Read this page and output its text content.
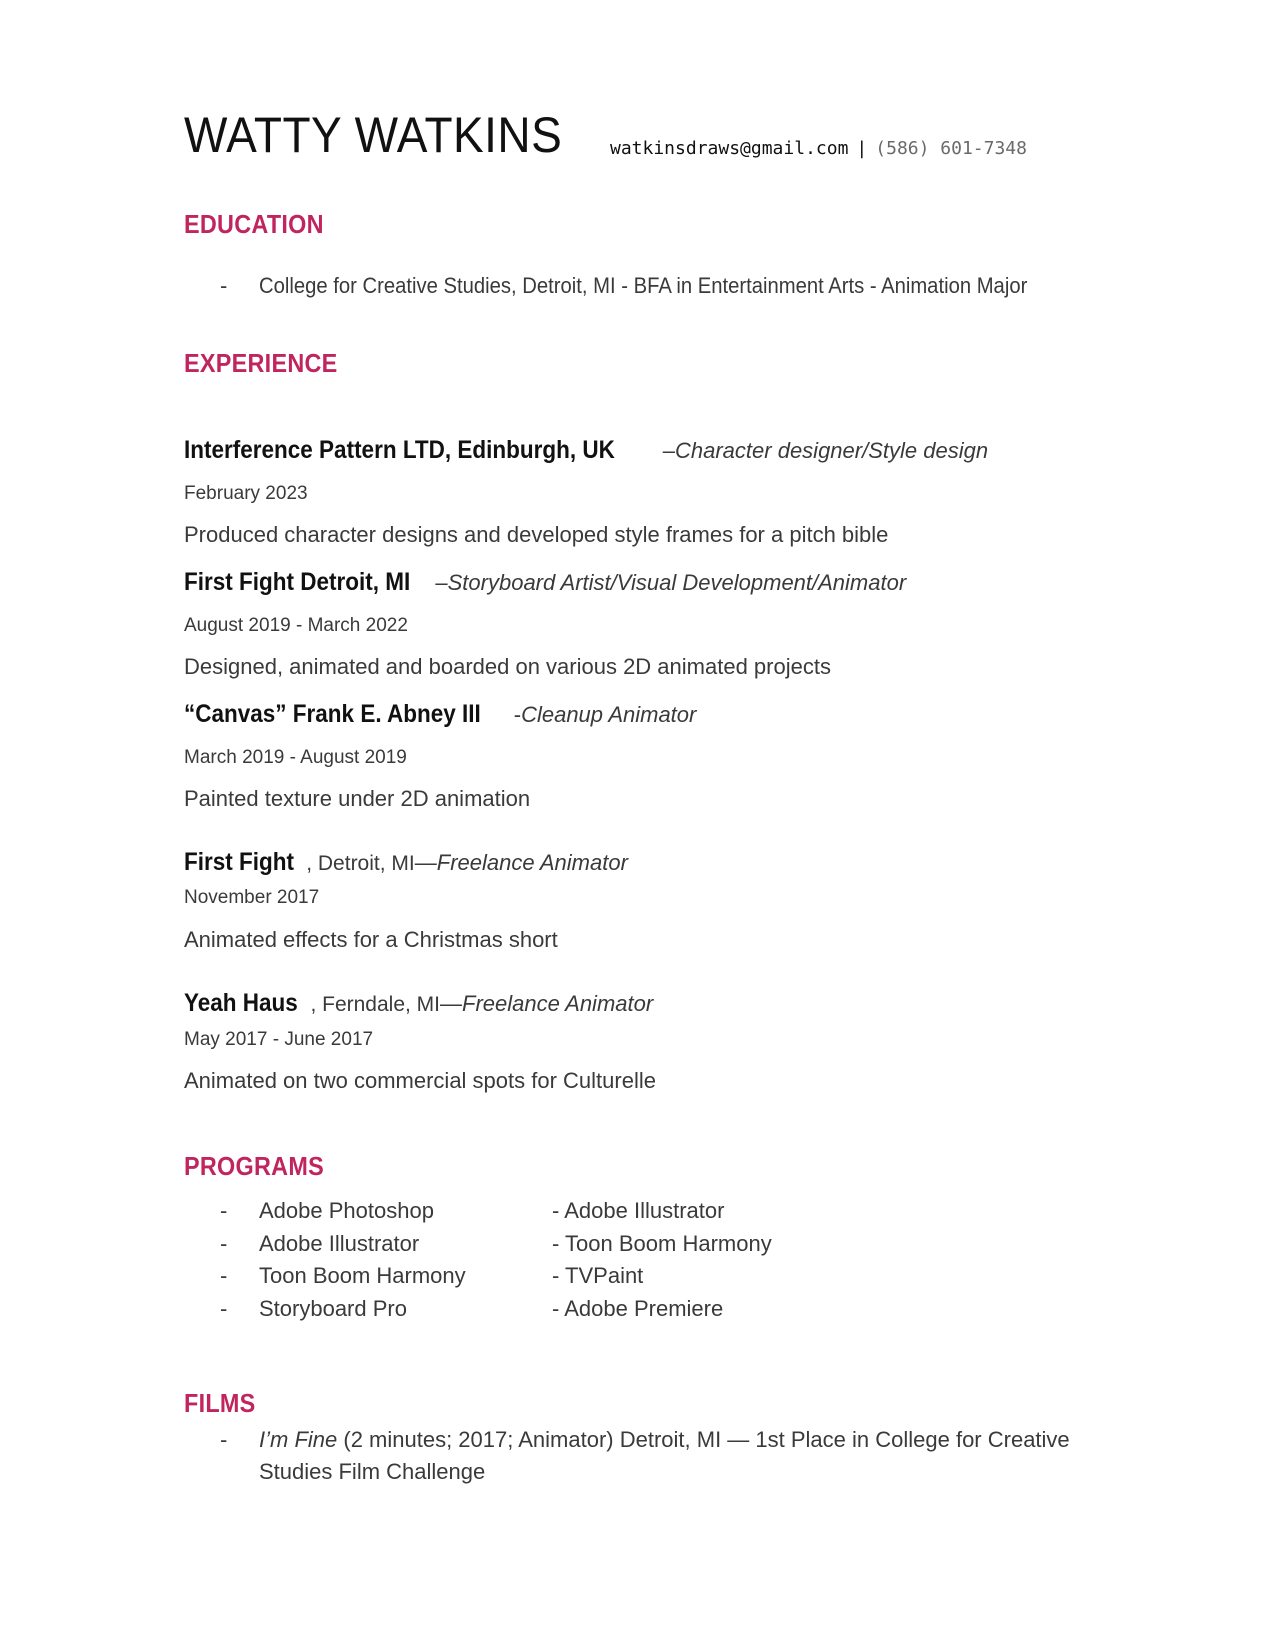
WATTY WATKINS	watkinsdraws@gmail.com | (586) 601-7348
EDUCATION
- College for Creative Studies, Detroit, MI - BFA in Entertainment Arts - Animation Major
EXPERIENCE
Interference Pattern LTD, Edinburgh, UK – Character designer/Style design
February 2023
Produced character designs and developed style frames for a pitch bible
First Fight Detroit, MI – Storyboard Artist/Visual Development/Animator
August 2019 - March 2022
Designed, animated and boarded on various 2D animated projects
“Canvas” Frank E. Abney III - Cleanup Animator
March 2019 - August 2019
Painted texture under 2D animation
First Fight , Detroit, MI — Freelance Animator
November 2017
Animated effects for a Christmas short
Yeah Haus , Ferndale, MI — Freelance Animator
May 2017 - June 2017
Animated on two commercial spots for Culturelle
PROGRAMS
- Adobe Photoshop
- Adobe Illustrator
- Toon Boom Harmony
- Storyboard Pro
- Adobe Illustrator
- Toon Boom Harmony
- TVPaint
- Adobe Premiere
FILMS
- I’m Fine (2 minutes; 2017; Animator) Detroit, MI — 1st Place in College for Creative Studies Film Challenge
